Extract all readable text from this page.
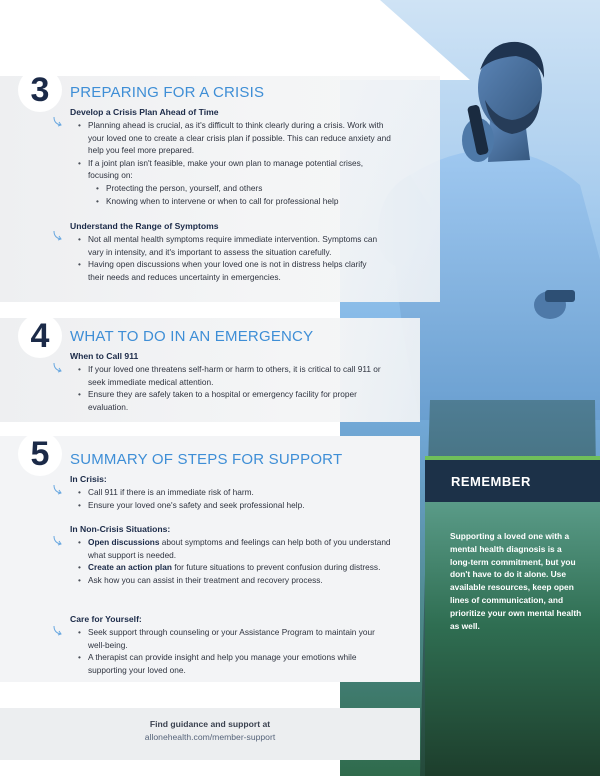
3	PREPARING FOR A CRISIS
Develop a Crisis Plan Ahead of Time
• Planning ahead is crucial, as it's difficult to think clearly during a crisis. Work with your loved one to create a clear crisis plan if possible. This can reduce anxiety and help you feel more prepared.
• If a joint plan isn't feasible, make your own plan to manage potential crises, focusing on:
• Protecting the person, yourself, and others
• Knowing when to intervene or when to call for professional help
Understand the Range of Symptoms
• Not all mental health symptoms require immediate intervention. Symptoms can vary in intensity, and it's important to assess the situation carefully.
• Having open discussions when your loved one is not in distress helps clarify their needs and reduces uncertainty in emergencies.
4	WHAT TO DO IN AN EMERGENCY
When to Call 911
• If your loved one threatens self-harm or harm to others, it is critical to call 911 or seek immediate medical attention.
• Ensure they are safely taken to a hospital or emergency facility for proper evaluation.
5	SUMMARY OF STEPS FOR SUPPORT
In Crisis:
• Call 911 if there is an immediate risk of harm.
• Ensure your loved one's safety and seek professional help.
In Non-Crisis Situations:
• Open discussions about symptoms and feelings can help both of you understand what support is needed.
• Create an action plan for future situations to prevent confusion during distress.
• Ask how you can assist in their treatment and recovery process.
Care for Yourself:
• Seek support through counseling or your Assistance Program to maintain your well-being.
• A therapist can provide insight and help you manage your emotions while supporting your loved one.
REMEMBER
Supporting a loved one with a mental health diagnosis is a long-term commitment, but you don't have to do it alone. Use available resources, keep open lines of communication, and prioritize your own mental health as well.
Find guidance and support at
allonehealth.com/member-support
